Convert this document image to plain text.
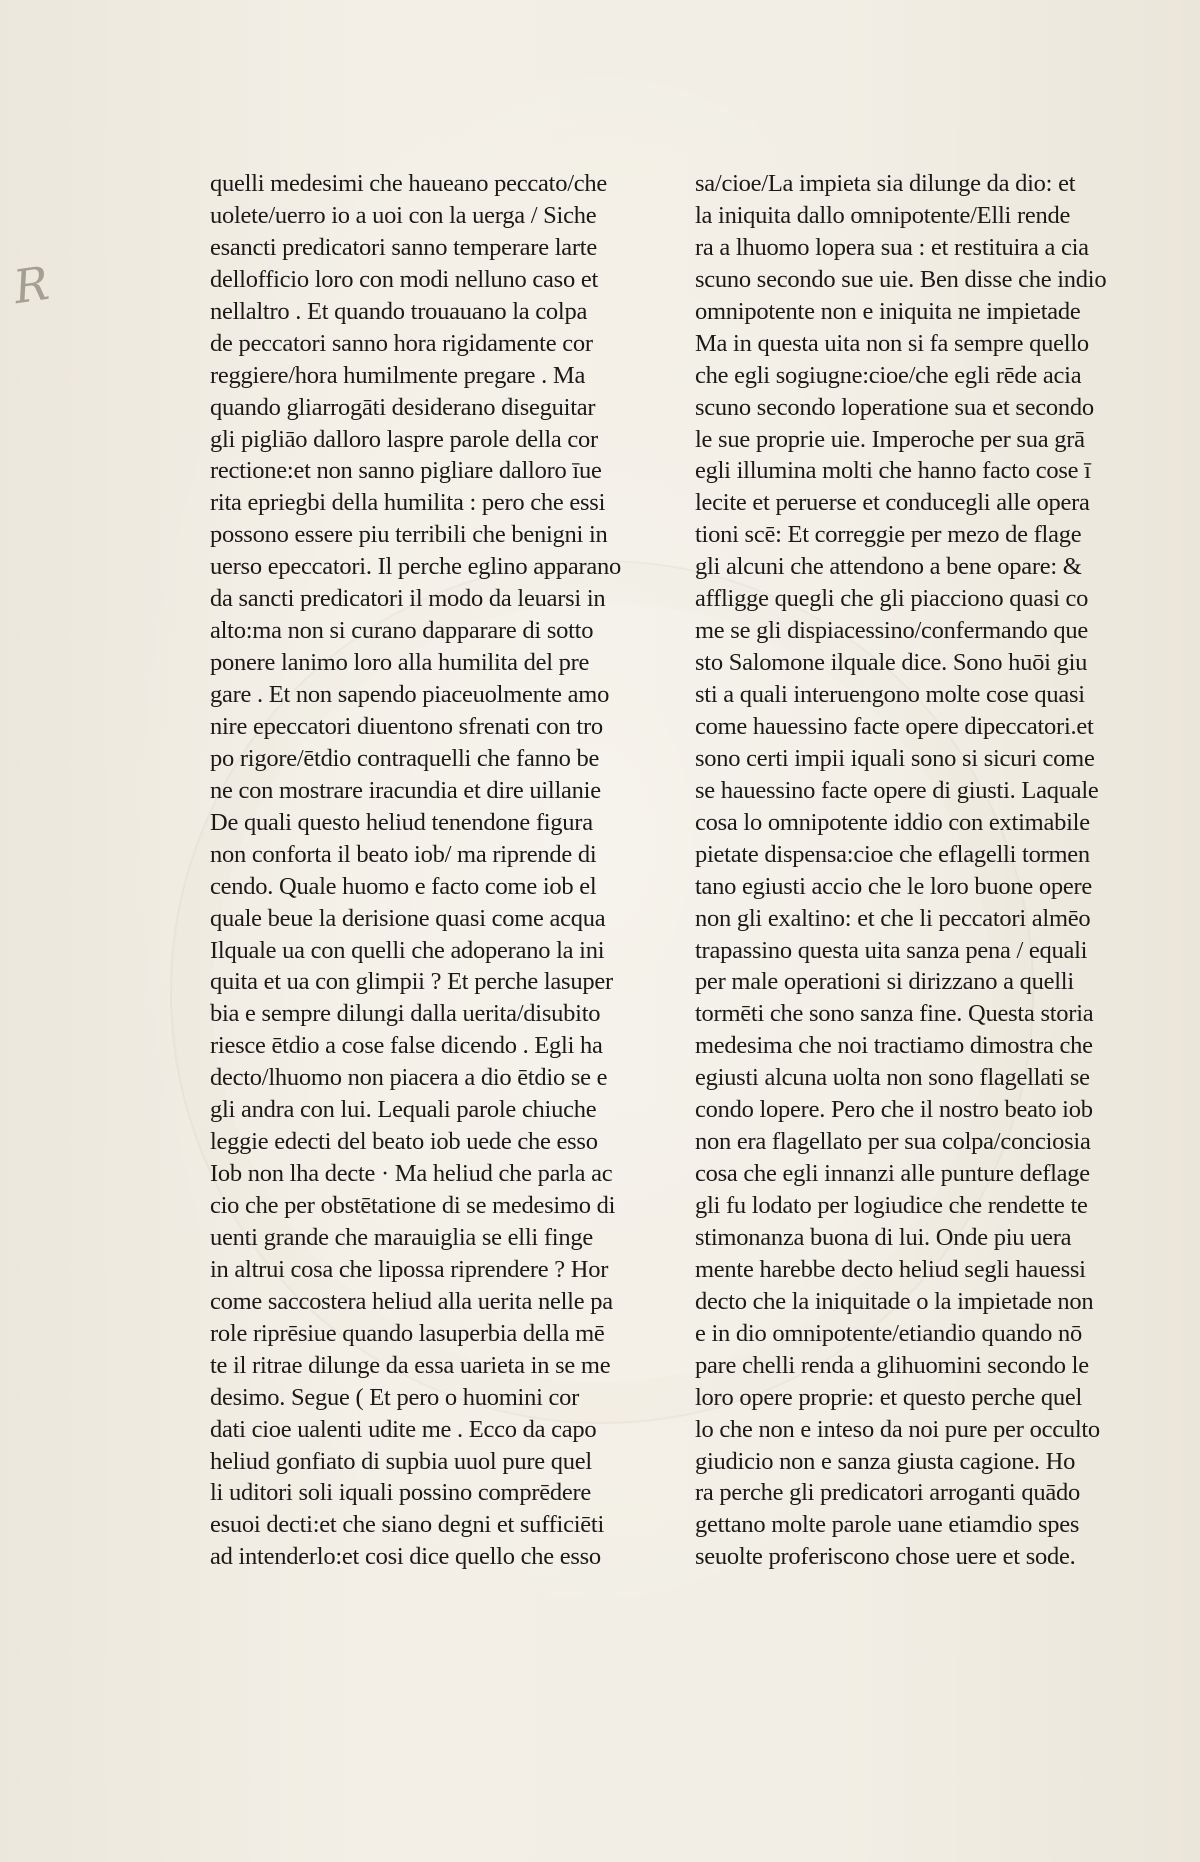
R
quelli medesimi che haueano peccato/che
uolete/uerro io a uoi con la uerga / Siche
esancti predicatori sanno temperare larte
dellofficio loro con modi nelluno caso et
nellaltro . Et quando trouauano la colpa
de peccatori sanno hora rigidamente cor
reggiere/hora humilmente pregare . Ma
quando gliarrogāti desiderano diseguitar
gli pigliāo dalloro laspre parole della cor
rectione:et non sanno pigliare dalloro īue
rita epriegbi della humilita : pero che essi
possono essere piu terribili che benigni in
uerso epeccatori. Il perche eglino apparano
da sancti predicatori il modo da leuarsi in
alto:ma non si curano dapparare di sotto
ponere lanimo loro alla humilita del pre
gare . Et non sapendo piaceuolmente amo
nire epeccatori diuentono sfrenati con tro
po rigore/ētdio contraquelli che fanno be
ne con mostrare iracundia et dire uillanie
De quali questo heliud tenendone figura
non conforta il beato iob/ ma riprende di
cendo. Quale huomo e facto come iob el
quale beue la derisione quasi come acqua
Ilquale ua con quelli che adoperano la ini
quita et ua con glimpii ? Et perche lasuper
bia e sempre dilungi dalla uerita/disubito
riesce ētdio a cose false dicendo . Egli ha
decto/lhuomo non piacera a dio ētdio se e
gli andra con lui. Lequali parole chiuche
leggie edecti del beato iob uede che esso
Iob non lha decte · Ma heliud che parla ac
cio che per obstētatione di se medesimo di
uenti grande che marauiglia se elli finge
in altrui cosa che lipossa riprendere ? Hor
come saccostera heliud alla uerita nelle pa
role riprēsiue quando lasuperbia della mē
te il ritrae dilunge da essa uarieta in se me
desimo. Segue ( Et pero o huomini cor
dati cioe ualenti udite me . Ecco da capo
heliud gonfiato di supbia uuol pure quel
li uditori soli iquali possino comprēdere
esuoi decti:et che siano degni et sufficiēti
ad intenderlo:et cosi dice quello che esso
sa/cioe/La impieta sia dilunge da dio: et
la iniquita dallo omnipotente/Elli rende
ra a lhuomo lopera sua : et restituira a cia
scuno secondo sue uie. Ben disse che indio
omnipotente non e iniquita ne impietade
Ma in questa uita non si fa sempre quello
che egli sogiugne:cioe/che egli rēde acia
scuno secondo loperatione sua et secondo
le sue proprie uie. Imperoche per sua grā
egli illumina molti che hanno facto cose ī
lecite et peruerse et conducegli alle opera
tioni scē: Et correggie per mezo de flage
gli alcuni che attendono a bene opare: &
affligge quegli che gli piacciono quasi co
me se gli dispiacessino/confermando que
sto Salomone ilquale dice. Sono huōi giu
sti a quali interuengono molte cose quasi
come hauessino facte opere dipeccatori.et
sono certi impii iquali sono si sicuri come
se hauessino facte opere di giusti. Laquale
cosa lo omnipotente iddio con extimabile
pietate dispensa:cioe che eflagelli tormen
tano egiusti accio che le loro buone opere
non gli exaltino: et che li peccatori almēo
trapassino questa uita sanza pena / equali
per male operationi si dirizzano a quelli
tormēti che sono sanza fine. Questa storia
medesima che noi tractiamo dimostra che
egiusti alcuna uolta non sono flagellati se
condo lopere. Pero che il nostro beato iob
non era flagellato per sua colpa/conciosia
cosa che egli innanzi alle punture deflage
gli fu lodato per logiudice che rendette te
stimonanza buona di lui. Onde piu uera
mente harebbe decto heliud segli hauessi
decto che la iniquitade o la impietade non
e in dio omnipotente/etiandio quando nō
pare chelli renda a glihuomini secondo le
loro opere proprie: et questo perche quel
lo che non e inteso da noi pure per occulto
giudicio non e sanza giusta cagione. Ho
ra perche gli predicatori arroganti quādo
gettano molte parole uane etiamdio spes
seuolte proferiscono chose uere et sode.
